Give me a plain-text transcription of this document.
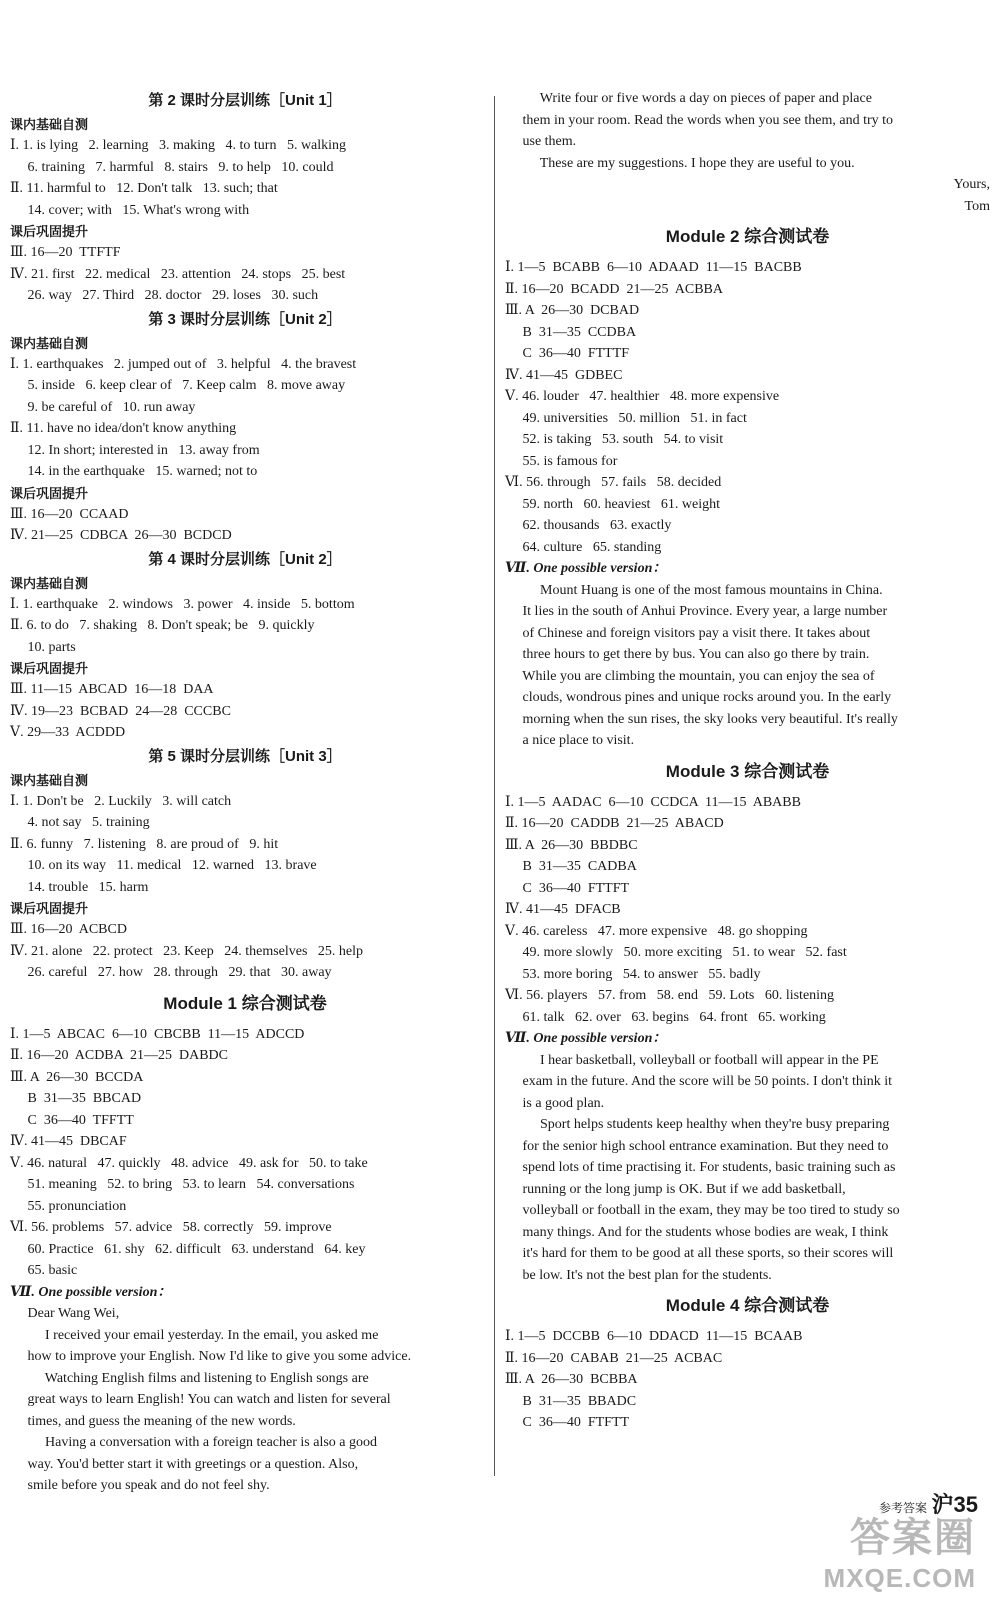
第 2 课时分层训练［Unit 1］
课内基础自测
Ⅰ. 1. is lying   2. learning   3. making   4. to turn   5. walking
6. training   7. harmful   8. stairs   9. to help   10. could
Ⅱ. 11. harmful to   12. Don't talk   13. such; that
14. cover; with   15. What's wrong with
课后巩固提升
Ⅲ. 16—20  TTFTF
Ⅳ. 21. first   22. medical   23. attention   24. stops   25. best
26. way   27. Third   28. doctor   29. loses   30. such
第 3 课时分层训练［Unit 2］
课内基础自测
Ⅰ. 1. earthquakes   2. jumped out of   3. helpful   4. the bravest
5. inside   6. keep clear of   7. Keep calm   8. move away
9. be careful of   10. run away
Ⅱ. 11. have no idea/don't know anything
12. In short; interested in   13. away from
14. in the earthquake   15. warned; not to
课后巩固提升
Ⅲ. 16—20  CCAAD
Ⅳ. 21—25  CDBCA  26—30  BCDCD
第 4 课时分层训练［Unit 2］
课内基础自测
Ⅰ. 1. earthquake   2. windows   3. power   4. inside   5. bottom
Ⅱ. 6. to do   7. shaking   8. Don't speak; be   9. quickly
10. parts
课后巩固提升
Ⅲ. 11—15  ABCAD  16—18  DAA
Ⅳ. 19—23  BCBAD  24—28  CCCBC
Ⅴ. 29—33  ACDDD
第 5 课时分层训练［Unit 3］
课内基础自测
Ⅰ. 1. Don't be   2. Luckily   3. will catch
4. not say   5. training
Ⅱ. 6. funny   7. listening   8. are proud of   9. hit
10. on its way   11. medical   12. warned   13. brave
14. trouble   15. harm
课后巩固提升
Ⅲ. 16—20  ACBCD
Ⅳ. 21. alone   22. protect   23. Keep   24. themselves   25. help
26. careful   27. how   28. through   29. that   30. away
Module 1 综合测试卷
Ⅰ. 1—5  ABCAC  6—10  CBCBB  11—15  ADCCD
Ⅱ. 16—20  ACDBA  21—25  DABDC
Ⅲ. A  26—30  BCCDA
B  31—35  BBCAD
C  36—40  TFFTT
Ⅳ. 41—45  DBCAF
Ⅴ. 46. natural   47. quickly   48. advice   49. ask for   50. to take
51. meaning   52. to bring   53. to learn   54. conversations
55. pronunciation
Ⅵ. 56. problems   57. advice   58. correctly   59. improve
60. Practice   61. shy   62. difficult   63. understand   64. key
65. basic
Ⅶ. One possible version：
Dear Wang Wei,
I received your email yesterday. In the email, you asked me
how to improve your English. Now I'd like to give you some advice.
Watching English films and listening to English songs are
great ways to learn English! You can watch and listen for several
times, and guess the meaning of the new words.
Having a conversation with a foreign teacher is also a good
way. You'd better start it with greetings or a question. Also,
smile before you speak and do not feel shy.
Write four or five words a day on pieces of paper and place
them in your room. Read the words when you see them, and try to
use them.
These are my suggestions. I hope they are useful to you.
Yours,
Tom
Module 2 综合测试卷
Ⅰ. 1—5  BCABB  6—10  ADAAD  11—15  BACBB
Ⅱ. 16—20  BCADD  21—25  ACBBA
Ⅲ. A  26—30  DCBAD
B  31—35  CCDBA
C  36—40  FTTTF
Ⅳ. 41—45  GDBEC
Ⅴ. 46. louder   47. healthier   48. more expensive
49. universities   50. million   51. in fact
52. is taking   53. south   54. to visit
55. is famous for
Ⅵ. 56. through   57. fails   58. decided
59. north   60. heaviest   61. weight
62. thousands   63. exactly
64. culture   65. standing
Ⅶ. One possible version：
Mount Huang is one of the most famous mountains in China.
It lies in the south of Anhui Province. Every year, a large number
of Chinese and foreign visitors pay a visit there. It takes about
three hours to get there by bus. You can also go there by train.
While you are climbing the mountain, you can enjoy the sea of
clouds, wondrous pines and unique rocks around you. In the early
morning when the sun rises, the sky looks very beautiful. It's really
a nice place to visit.
Module 3 综合测试卷
Ⅰ. 1—5  AADAC  6—10  CCDCA  11—15  ABABB
Ⅱ. 16—20  CADDB  21—25  ABACD
Ⅲ. A  26—30  BBDBC
B  31—35  CADBA
C  36—40  FTTFT
Ⅳ. 41—45  DFACB
Ⅴ. 46. careless   47. more expensive   48. go shopping
49. more slowly   50. more exciting   51. to wear   52. fast
53. more boring   54. to answer   55. badly
Ⅵ. 56. players   57. from   58. end   59. Lots   60. listening
61. talk   62. over   63. begins   64. front   65. working
Ⅶ. One possible version：
I hear basketball, volleyball or football will appear in the PE
exam in the future. And the score will be 50 points. I don't think it
is a good plan.
Sport helps students keep healthy when they're busy preparing
for the senior high school entrance examination. But they need to
spend lots of time practising it. For students, basic training such as
running or the long jump is OK. But if we add basketball,
volleyball or football in the exam, they may be too tired to study so
many things. And for the students whose bodies are weak, I think
it's hard for them to be good at all these sports, so their scores will
be low. It's not the best plan for the students.
Module 4 综合测试卷
Ⅰ. 1—5  DCCBB  6—10  DDACD  11—15  BCAAB
Ⅱ. 16—20  CABAB  21—25  ACBAC
Ⅲ. A  26—30  BCBBA
B  31—35  BBADC
C  36—40  FTFTT
参考答案 沪35
答案圈
MXQE.COM
